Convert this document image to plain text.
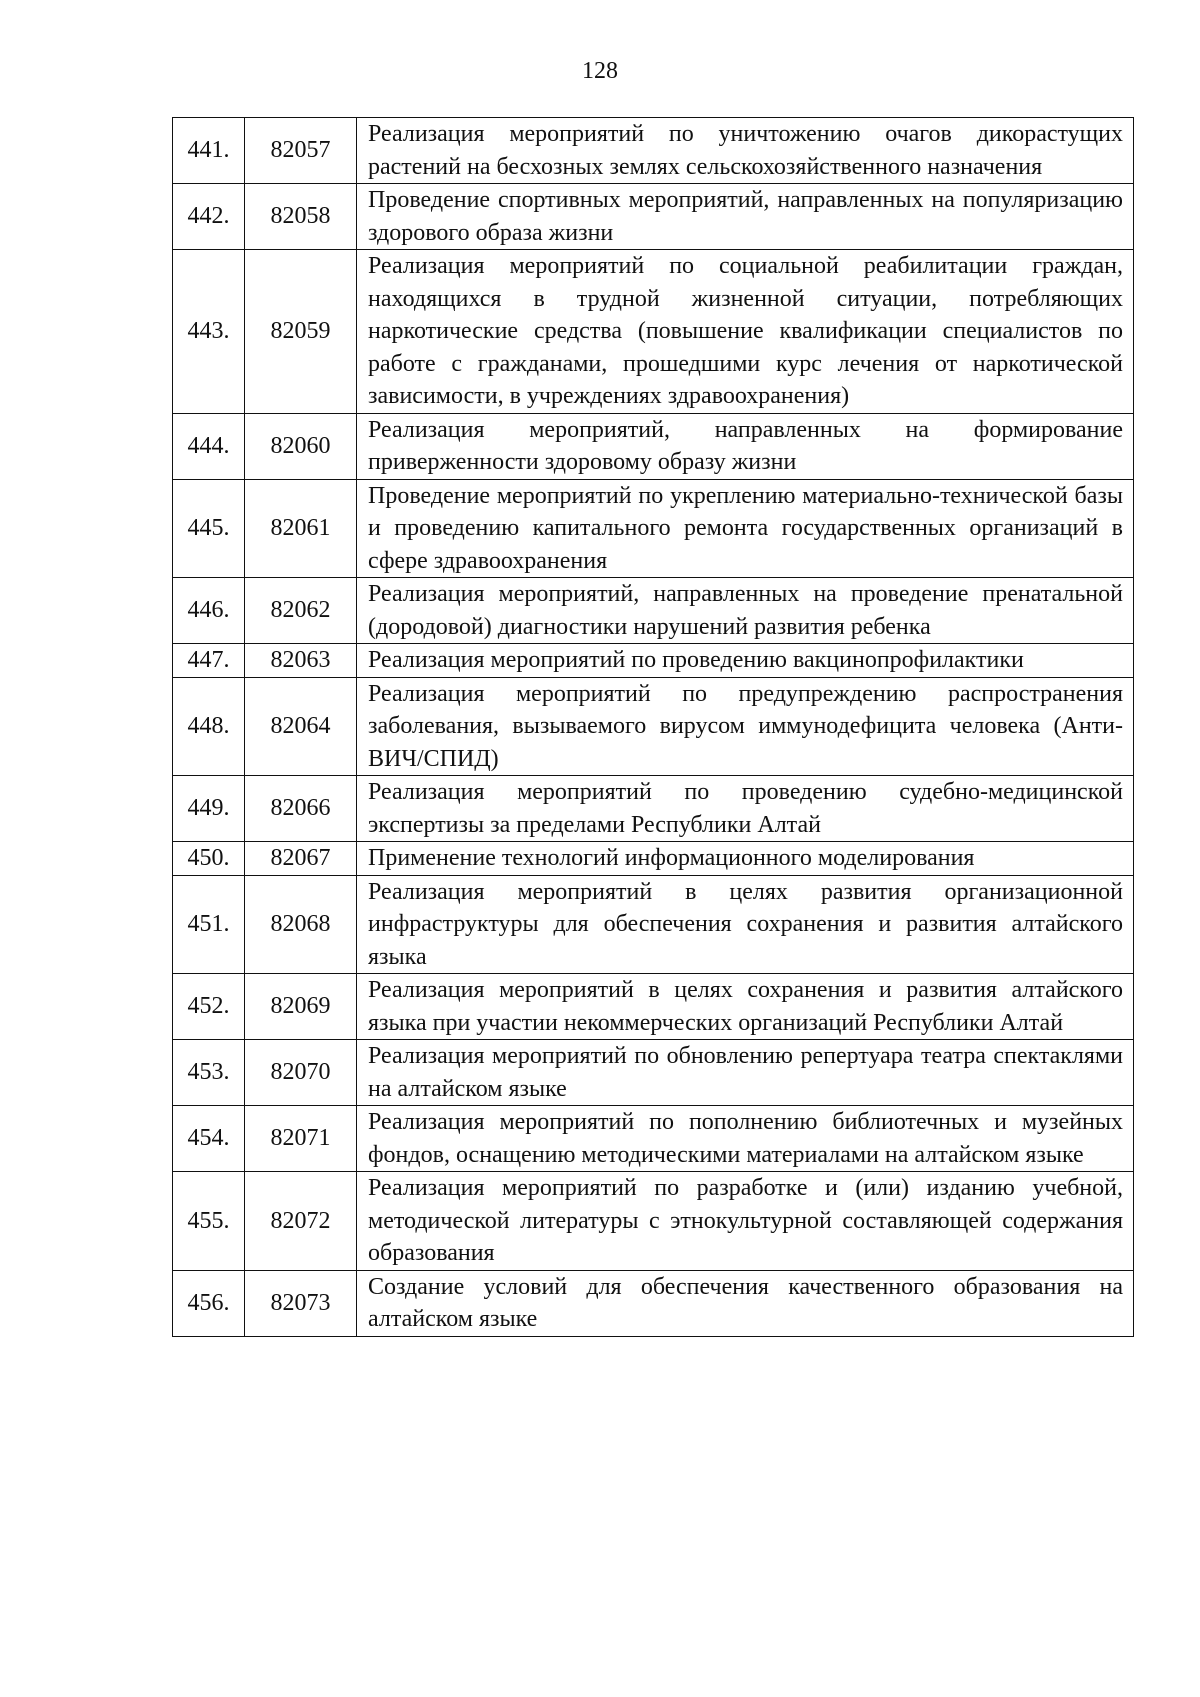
128
441.	82057	Реализация мероприятий по уничтожению очагов дикорастущих растений на бесхозных землях сельскохозяйственного назначения
442.	82058	Проведение спортивных мероприятий, направленных на популяризацию здорового образа жизни
443.	82059	Реализация мероприятий по социальной реабилитации граждан, находящихся в трудной жизненной ситуации, потребляющих наркотические средства (повышение квалификации специалистов по работе с гражданами, прошедшими курс лечения от наркотической зависимости, в учреждениях здравоохранения)
444.	82060	Реализация мероприятий, направленных на формирование приверженности здоровому образу жизни
445.	82061	Проведение мероприятий по укреплению материально-технической базы и проведению капитального ремонта государственных организаций в сфере здравоохранения
446.	82062	Реализация мероприятий, направленных на проведение пренатальной (дородовой) диагностики нарушений развития ребенка
447.	82063	Реализация мероприятий по проведению вакцинопрофилактики
448.	82064	Реализация мероприятий по предупреждению распространения заболевания, вызываемого вирусом иммунодефицита человека (Анти-ВИЧ/СПИД)
449.	82066	Реализация мероприятий по проведению судебно-медицинской экспертизы за пределами Республики Алтай
450.	82067	Применение технологий информационного моделирования
451.	82068	Реализация мероприятий в целях развития организационной инфраструктуры для обеспечения сохранения и развития алтайского языка
452.	82069	Реализация мероприятий в целях сохранения и развития алтайского языка при участии некоммерческих организаций Республики Алтай
453.	82070	Реализация мероприятий по обновлению репертуара театра спектаклями на алтайском языке
454.	82071	Реализация мероприятий по пополнению библиотечных и музейных фондов, оснащению методическими материалами на алтайском языке
455.	82072	Реализация мероприятий по разработке и (или) изданию учебной, методической литературы с этнокультурной составляющей содержания образования
456.	82073	Создание условий для обеспечения качественного образования на алтайском языке
